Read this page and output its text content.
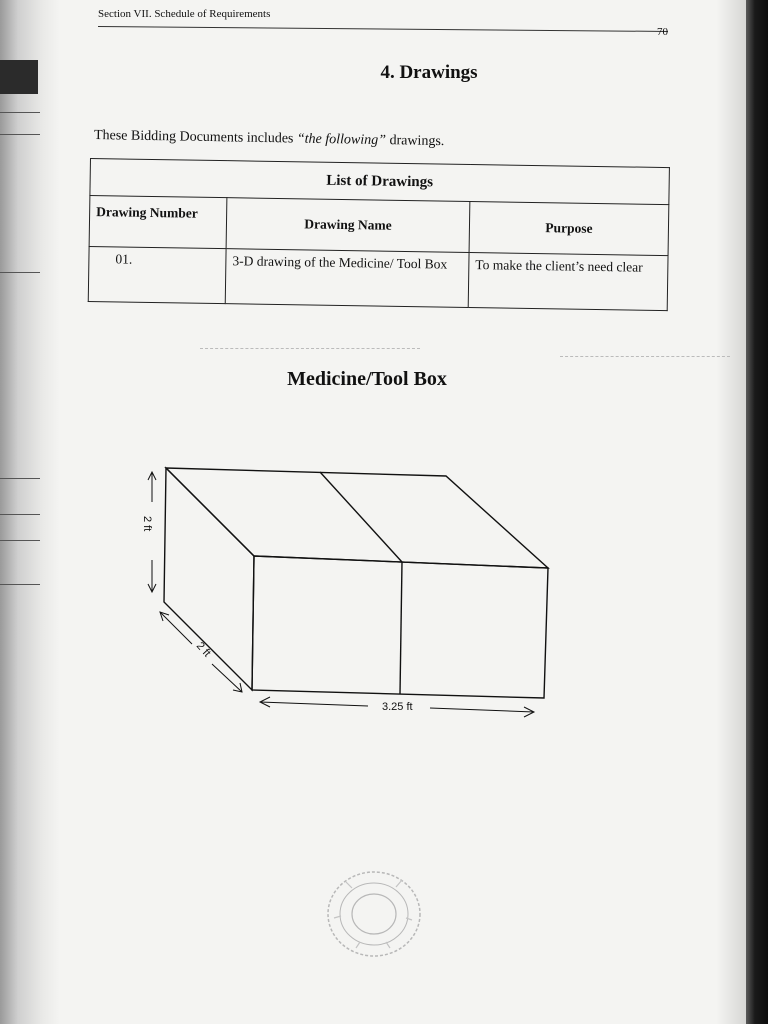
Section VII. Schedule of Requirements
70
4. Drawings
These Bidding Documents includes “the following” drawings.
List of Drawings		
Drawing Number	Drawing Name	Purpose
01.	3-D drawing of the Medicine/ Tool Box	To make the client’s need clear
Medicine/Tool Box
2 ft
2 ft
3.25 ft
